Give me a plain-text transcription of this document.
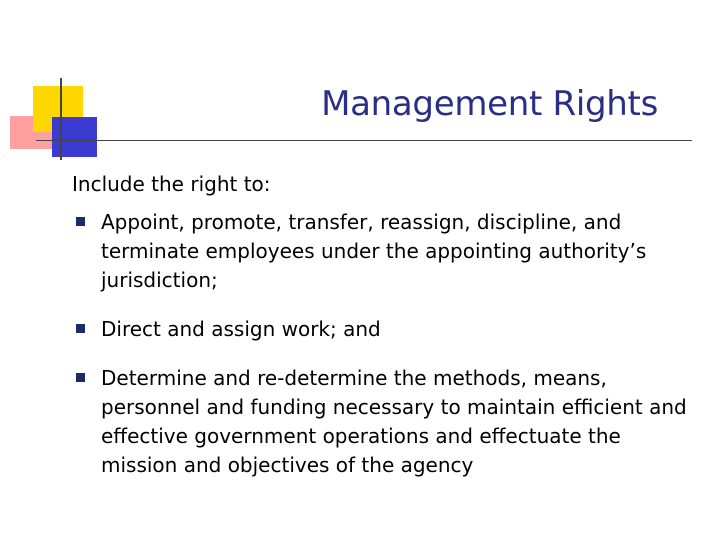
Management Rights
Include the right to:
Appoint, promote, transfer, reassign, discipline, and terminate employees under the appointing authority’s jurisdiction;
Direct and assign work; and
Determine and re-determine the methods, means, personnel and funding necessary to maintain efficient and effective government operations and effectuate the mission and objectives of the agency
